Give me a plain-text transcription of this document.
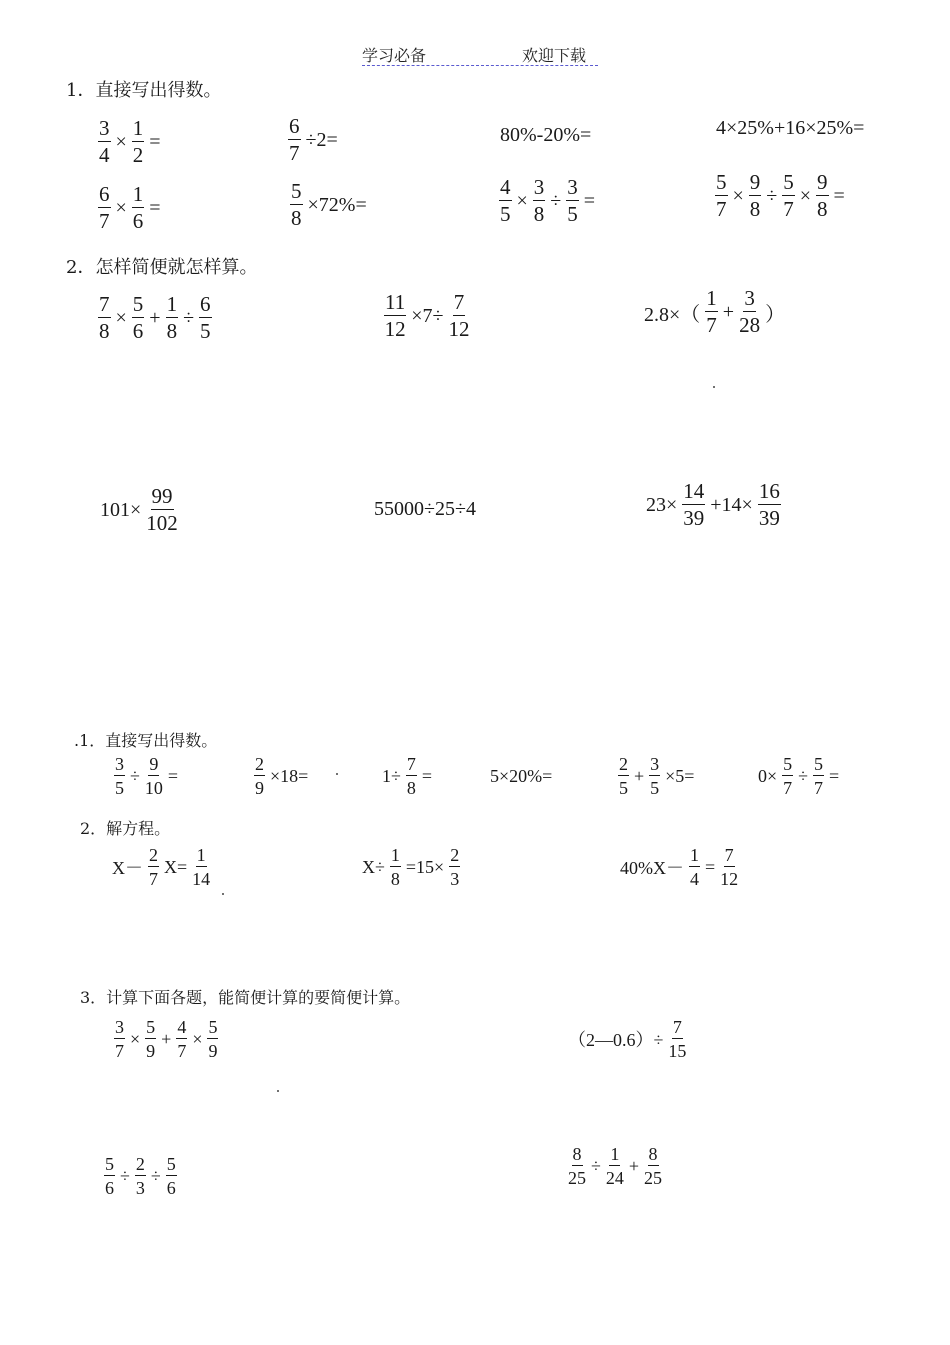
学习必备	欢迎下载
1．直接写出得数。
$\frac{3}{4} \times \frac{1}{2}$ =	$\frac{6}{7} \div 2=$	80%-20%=	4×25%+16×25%=
$\frac{6}{7} \times \frac{1}{6}$ =	$\frac{5}{8} \times 72\%=$	$\frac{4}{5} \times \frac{3}{8} \div \frac{3}{5}$ =	$\frac{5}{7} \times \frac{9}{8} \div \frac{5}{7} \times \frac{9}{8}$ =
2．怎样简便就怎样算。
$\frac{7}{8} \times \frac{5}{6} + \frac{1}{8} \div \frac{6}{5}$	$\frac{11}{12} \times 7\div \frac{7}{12}$	$2.8\times( \frac{1}{7} + \frac{3}{28}$ ）
$101\times \frac{99}{102}$	55000÷25÷4	$23\times \frac{14}{39} +14\times \frac{16}{39}$
.1．直接写出得数。
$\frac{3}{5} \div \frac{9}{10}$ =	$\frac{2}{9} \times 18=$	$1\div \frac{7}{8}$ =	5×20%=	$\frac{2}{5} + \frac{3}{5} \times 5=$	$0\times \frac{5}{7} \div \frac{5}{7}$ =
2．解方程。
$X- \frac{2}{7} X= \frac{1}{14}$	$X\div \frac{1}{8} =15\times \frac{2}{3}$	$40\%X- \frac{1}{4} = \frac{7}{12}$
3．计算下面各题，能简便计算的要简便计算。
$\frac{3}{7} \times \frac{5}{9} + \frac{4}{7} \times \frac{5}{9}$	（2—0.6）÷ $\frac{7}{15}$
$\frac{5}{6} \div \frac{2}{3} \div \frac{5}{6}$	$\frac{8}{25} \div \frac{1}{24} + \frac{8}{25}$
